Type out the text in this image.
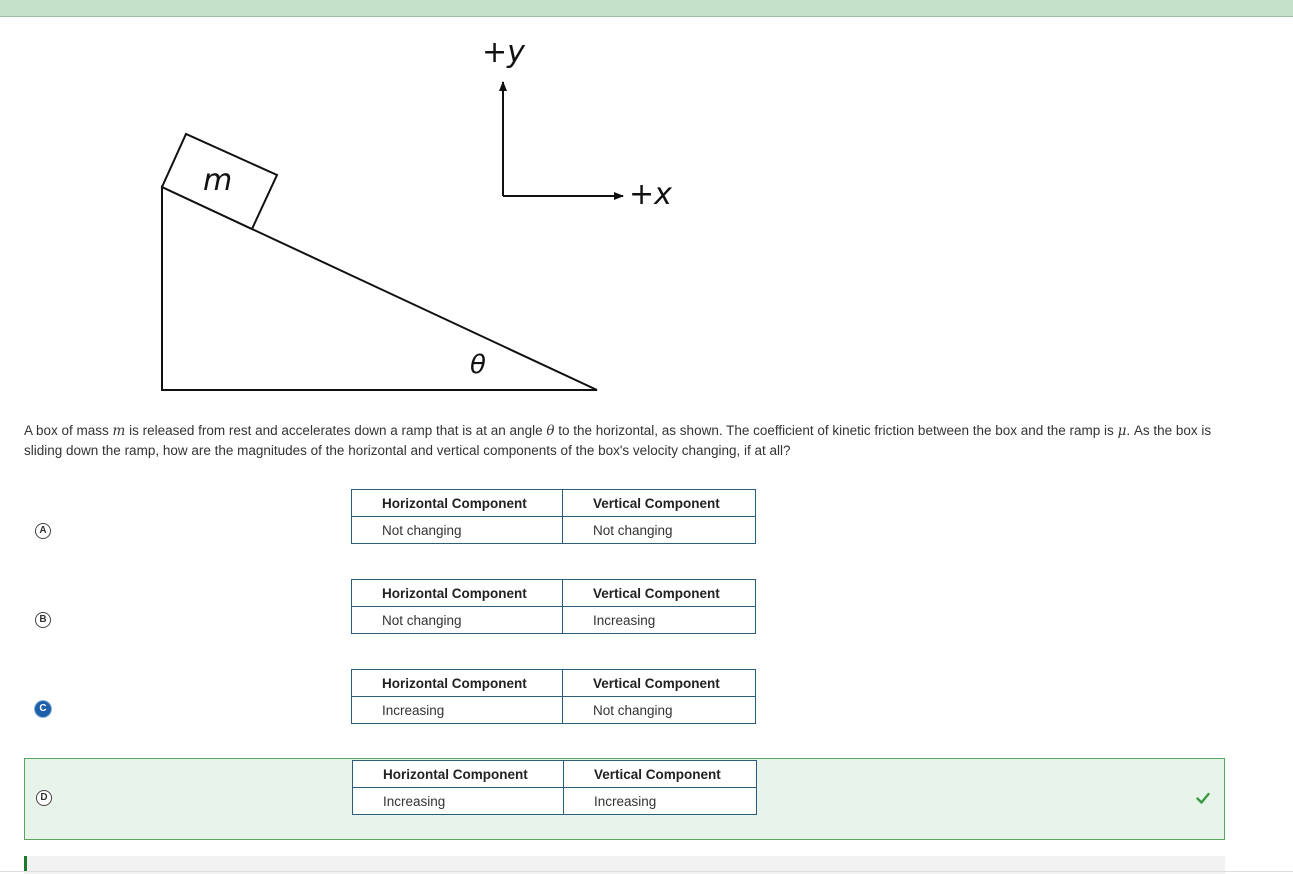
m
θ
+y
+x
A box of mass m is released from rest and accelerates down a ramp that is at an angle θ to the horizontal, as shown. The coefficient of kinetic friction between the box and the ramp is μ. As the box is sliding down the ramp, how are the magnitudes of the horizontal and vertical components of the box's velocity changing, if at all?
A
Horizontal Component	Vertical Component
Not changing	Not changing
B
Horizontal Component	Vertical Component
Not changing	Increasing
C
Horizontal Component	Vertical Component
Increasing	Not changing
D
Horizontal Component	Vertical Component
Increasing	Increasing
